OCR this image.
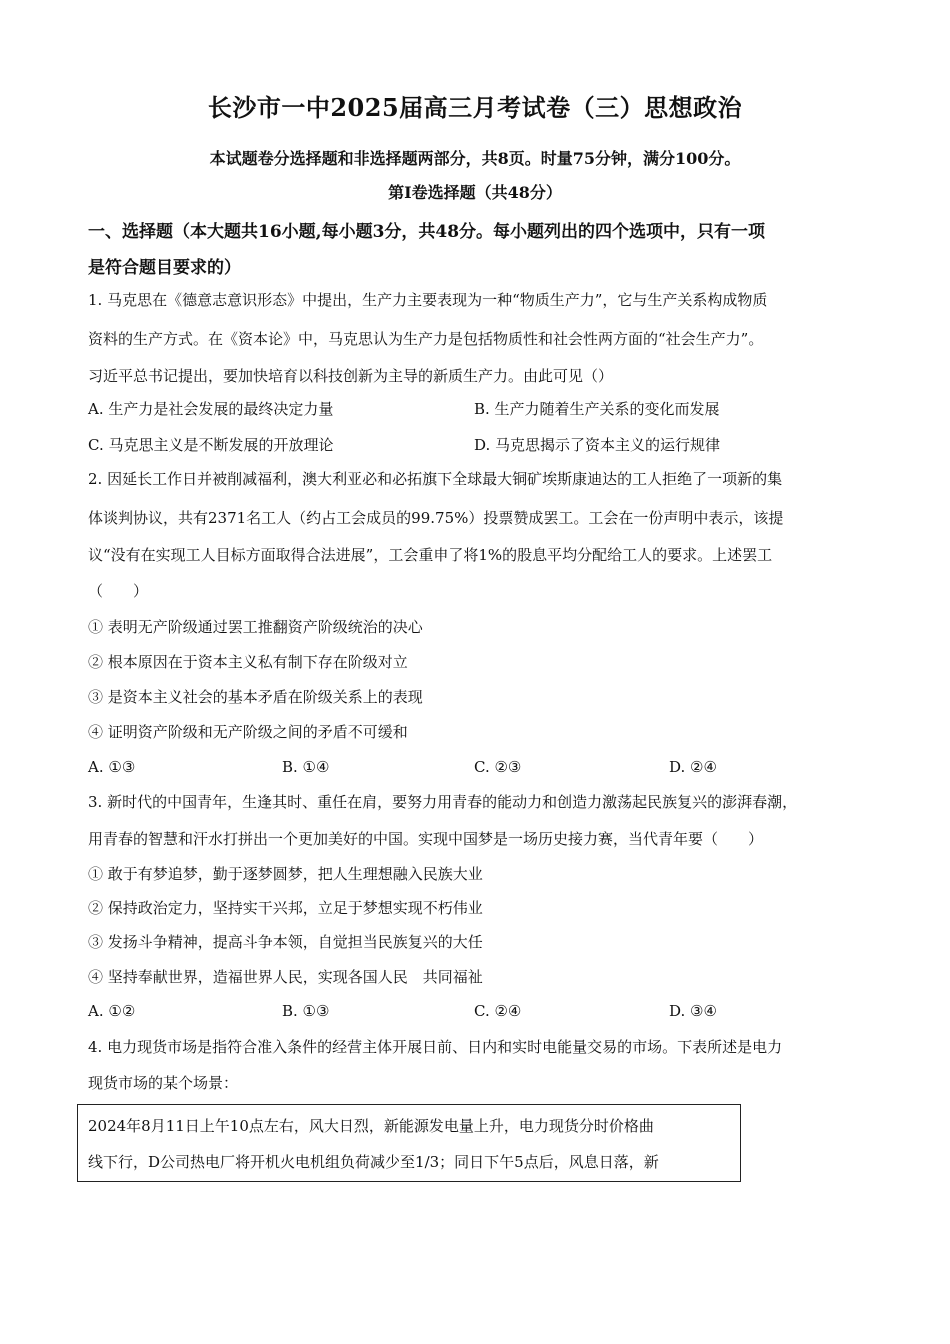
长沙市一中2025届高三月考试卷（三）思想政治
本试题卷分选择题和非选择题两部分，共8页。时量75分钟，满分100分。
第Ⅰ卷选择题（共48分）
一、选择题（本大题共16小题,每小题3分，共48分。每小题列出的四个选项中，只有一项
是符合题目要求的）
1. 马克思在《德意志意识形态》中提出，生产力主要表现为一种“物质生产力”，它与生产关系构成物质
资料的生产方式。在《资本论》中，马克思认为生产力是包括物质性和社会性两方面的“社会生产力”。
习近平总书记提出，要加快培育以科技创新为主导的新质生产力。由此可见（）
A. 生产力是社会发展的最终决定力量	B. 生产力随着生产关系的变化而发展
C. 马克思主义是不断发展的开放理论	D. 马克思揭示了资本主义的运行规律
2. 因延长工作日并被削减福利，澳大利亚必和必拓旗下全球最大铜矿埃斯康迪达的工人拒绝了一项新的集
体谈判协议，共有2371名工人（约占工会成员的99.75%）投票赞成罢工。工会在一份声明中表示，该提
议“没有在实现工人目标方面取得合法进展”，工会重申了将1%的股息平均分配给工人的要求。上述罢工
（　　）
① 表明无产阶级通过罢工推翻资产阶级统治的决心
② 根本原因在于资本主义私有制下存在阶级对立
③ 是资本主义社会的基本矛盾在阶级关系上的表现
④ 证明资产阶级和无产阶级之间的矛盾不可缓和
A. ①③	B. ①④	C. ②③	D. ②④
3. 新时代的中国青年，生逢其时、重任在肩，要努力用青春的能动力和创造力激荡起民族复兴的澎湃春潮，
用青春的智慧和汗水打拼出一个更加美好的中国。实现中国梦是一场历史接力赛，当代青年要（　　）
① 敢于有梦追梦，勤于逐梦圆梦，把人生理想融入民族大业
② 保持政治定力，坚持实干兴邦，立足于梦想实现不朽伟业
③ 发扬斗争精神，提高斗争本领，自觉担当民族复兴的大任
④ 坚持奉献世界，造福世界人民，实现各国人民　共同福祉
A. ①②	B. ①③	C. ②④	D. ③④
4. 电力现货市场是指符合准入条件的经营主体开展日前、日内和实时电能量交易的市场。下表所述是电力
现货市场的某个场景：
2024年8月11日上午10点左右，风大日烈，新能源发电量上升，电力现货分时价格曲
线下行，D公司热电厂将开机火电机组负荷减少至1/3；同日下午5点后，风息日落，新
